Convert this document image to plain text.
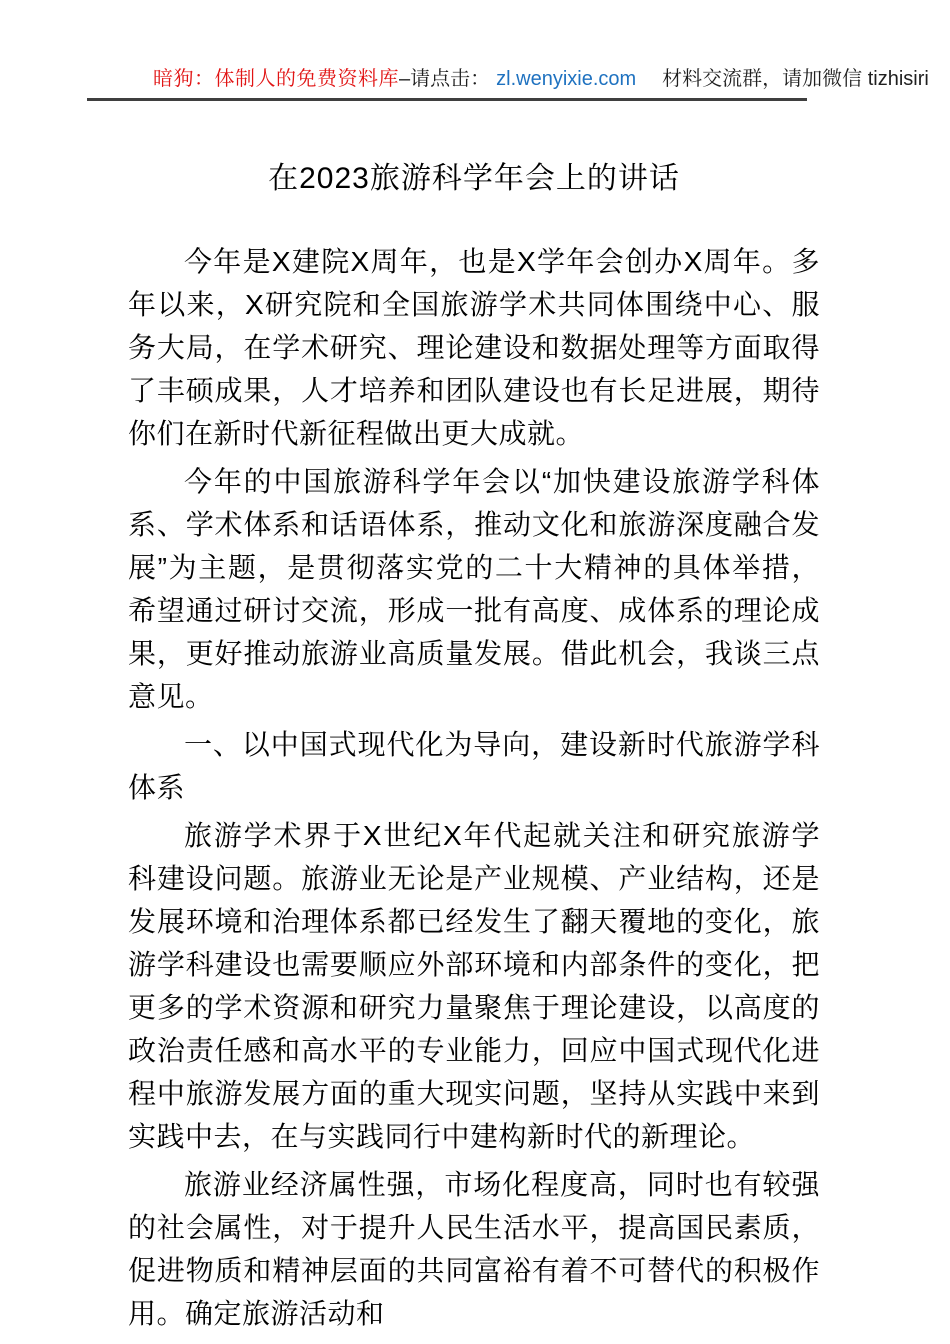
暗狗：体制人的免费资料库–请点击： zl.wenyixie.com 材料交流群，请加微信 tizhisiri
在2023旅游科学年会上的讲话

今年是X建院X周年，也是X学年会创办X周年。多年以来，X研究院和全国旅游学术共同体围绕中心、服务大局，在学术研究、理论建设和数据处理等方面取得了丰硕成果，人才培养和团队建设也有长足进展，期待你们在新时代新征程做出更大成就。

今年的中国旅游科学年会以“加快建设旅游学科体系、学术体系和话语体系，推动文化和旅游深度融合发展”为主题，是贯彻落实党的二十大精神的具体举措，希望通过研讨交流，形成一批有高度、成体系的理论成果，更好推动旅游业高质量发展。借此机会，我谈三点意见。

一、以中国式现代化为导向，建设新时代旅游学科体系

旅游学术界于X世纪X年代起就关注和研究旅游学科建设问题。旅游业无论是产业规模、产业结构，还是发展环境和治理体系都已经发生了翻天覆地的变化，旅游学科建设也需要顺应外部环境和内部条件的变化，把更多的学术资源和研究力量聚焦于理论建设，以高度的政治责任感和高水平的专业能力，回应中国式现代化进程中旅游发展方面的重大现实问题，坚持从实践中来到实践中去，在与实践同行中建构新时代的新理论。

旅游业经济属性强，市场化程度高，同时也有较强的社会属性，对于提升人民生活水平，提高国民素质，促进物质和精神层面的共同富裕有着不可替代的积极作用。确定旅游活动和
